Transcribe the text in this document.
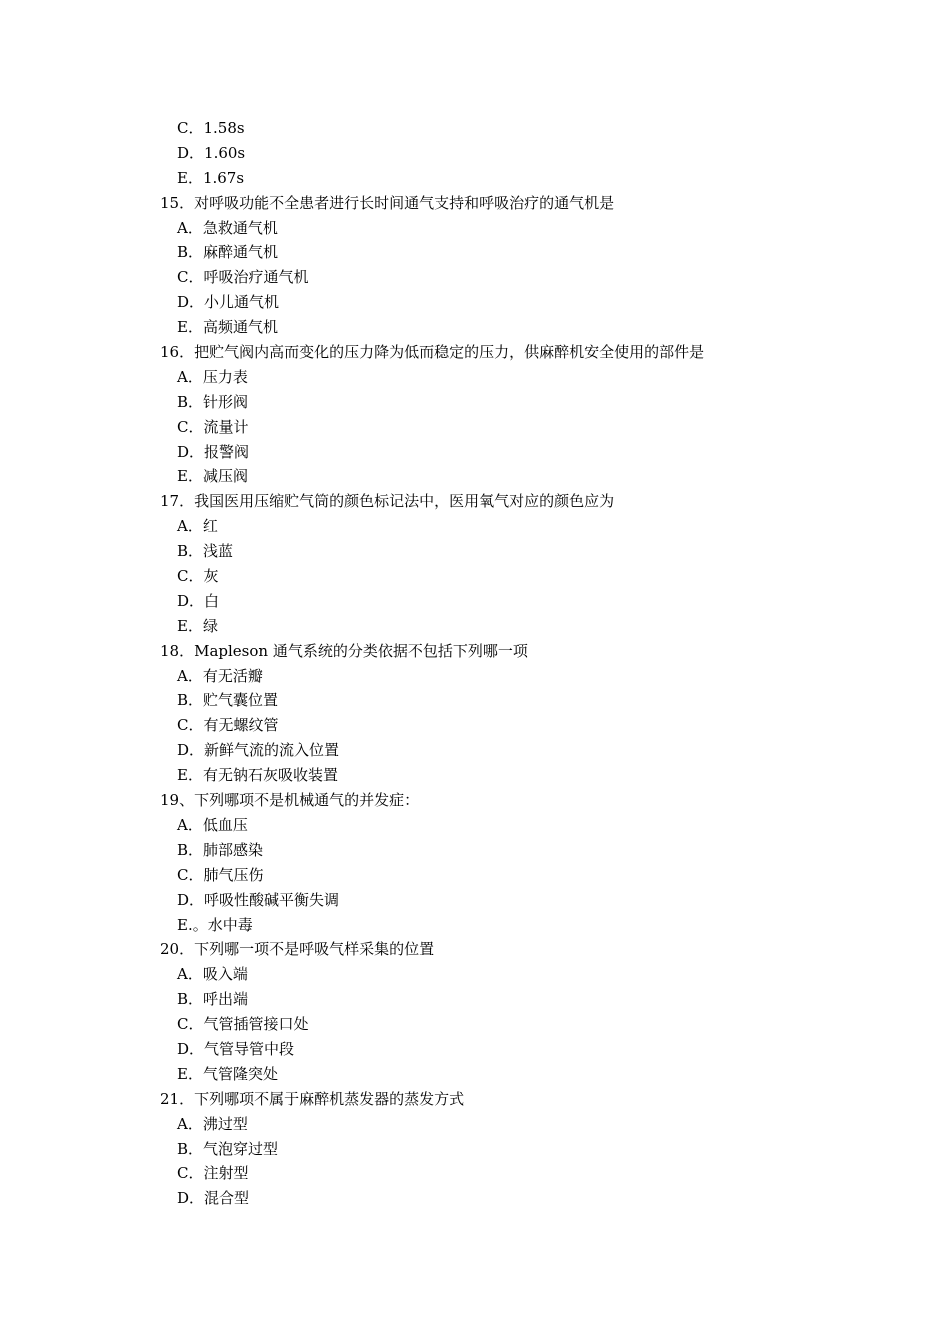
C．1.58s
D．1.60s
E．1.67s
15．对呼吸功能不全患者进行长时间通气支持和呼吸治疗的通气机是
A．急救通气机
B．麻醉通气机
C．呼吸治疗通气机
D．小儿通气机
E．高频通气机
16．把贮气阀内高而变化的压力降为低而稳定的压力，供麻醉机安全使用的部件是
A．压力表
B．针形阀
C．流量计
D．报警阀
E．减压阀
17．我国医用压缩贮气筒的颜色标记法中，医用氧气对应的颜色应为
A．红
B．浅蓝
C．灰
D．白
E．绿
18．Mapleson 通气系统的分类依据不包括下列哪一项
A．有无活瓣
B．贮气囊位置
C．有无螺纹管
D．新鲜气流的流入位置
E．有无钠石灰吸收装置
19、下列哪项不是机械通气的并发症：
A．低血压
B．肺部感染
C．肺气压伤
D．呼吸性酸碱平衡失调
E.。水中毒
20．下列哪一项不是呼吸气样采集的位置
A．吸入端
B．呼出端
C．气管插管接口处
D．气管导管中段
E．气管隆突处
21．下列哪项不属于麻醉机蒸发器的蒸发方式
A．沸过型
B．气泡穿过型
C．注射型
D．混合型
